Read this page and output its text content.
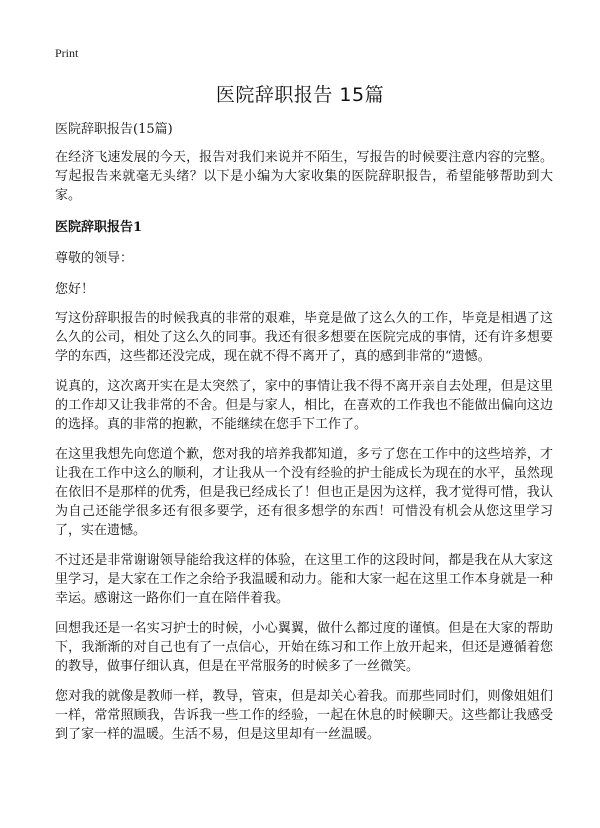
Print
医院辞职报告 15篇
医院辞职报告(15篇)

在经济飞速发展的今天，报告对我们来说并不陌生，写报告的时候要注意内容的完整。写起报告来就毫无头绪？以下是小编为大家收集的医院辞职报告，希望能够帮助到大家。

医院辞职报告1
尊敬的领导：
您好！

写这份辞职报告的时候我真的非常的艰难，毕竟是做了这么久的工作，毕竟是相遇了这么久的公司，相处了这么久的同事。我还有很多想要在医院完成的事情，还有许多想要学的东西，这些都还没完成，现在就不得不离开了，真的感到非常的“遗憾。

说真的，这次离开实在是太突然了，家中的事情让我不得不离开亲自去处理，但是这里的工作却又让我非常的不舍。但是与家人，相比，在喜欢的工作我也不能做出偏向这边的选择。真的非常的抱歉，不能继续在您手下工作了。

在这里我想先向您道个歉，您对我的培养我都知道，多亏了您在工作中的这些培养，才让我在工作中这么的顺利，才让我从一个没有经验的护士能成长为现在的水平，虽然现在依旧不是那样的优秀，但是我已经成长了！但也正是因为这样，我才觉得可惜，我认为自己还能学很多还有很多要学，还有很多想学的东西！可惜没有机会从您这里学习了，实在遗憾。

不过还是非常谢谢领导能给我这样的体验，在这里工作的这段时间，都是我在从大家这里学习，是大家在工作之余给予我温暖和动力。能和大家一起在这里工作本身就是一种幸运。感谢这一路你们一直在陪伴着我。

回想我还是一名实习护士的时候，小心翼翼，做什么都过度的谨慎。但是在大家的帮助下，我渐渐的对自己也有了一点信心，开始在练习和工作上放开起来，但还是遵循着您的教导，做事仔细认真，但是在平常服务的时候多了一丝微笑。

您对我的就像是教师一样，教导，管束，但是却关心着我。而那些同时们，则像姐姐们一样，常常照顾我，告诉我一些工作的经验，一起在休息的时候聊天。这些都让我感受到了家一样的温暖。生活不易，但是这里却有一丝温暖。
